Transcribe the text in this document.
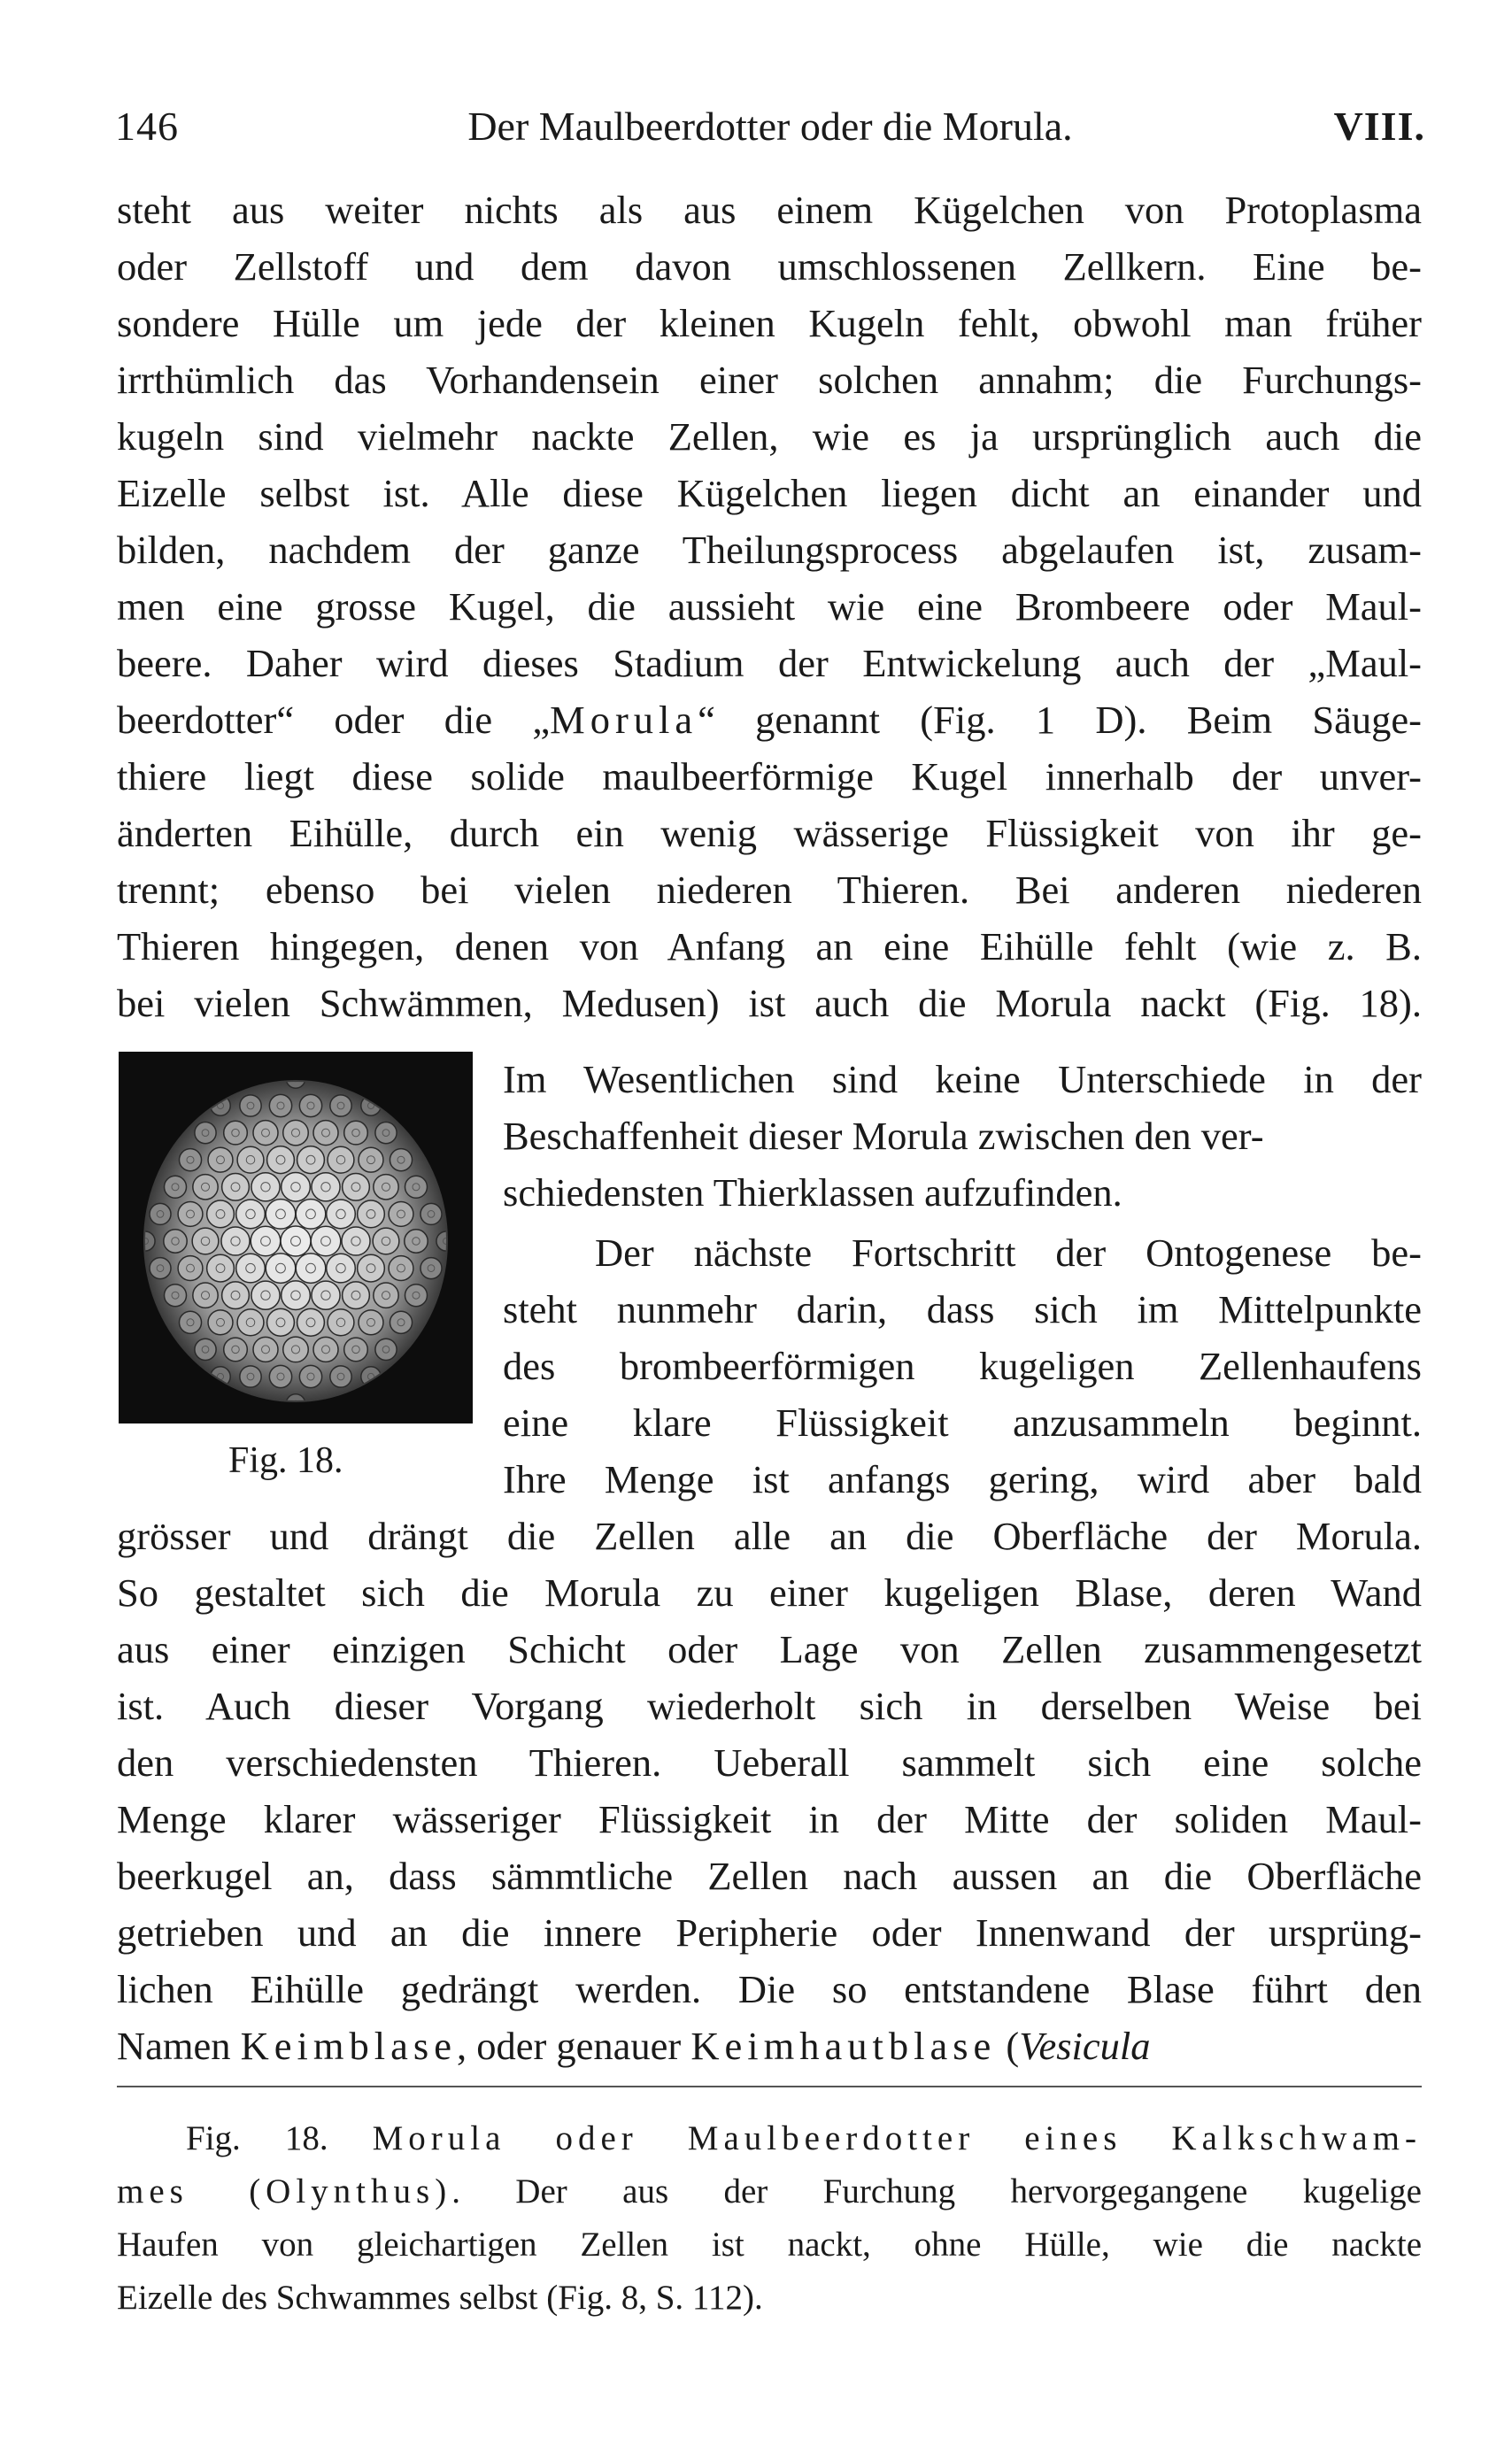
146	Der Maulbeerdotter oder die Morula.	VIII.
steht aus weiter nichts als aus einem Kügelchen von Protoplasma
oder Zellstoff und dem davon umschlossenen Zellkern. Eine be-
sondere Hülle um jede der kleinen Kugeln fehlt, obwohl man früher
irrthümlich das Vorhandensein einer solchen annahm; die Furchungs-
kugeln sind vielmehr nackte Zellen, wie es ja ursprünglich auch die
Eizelle selbst ist. Alle diese Kügelchen liegen dicht an einander und
bilden, nachdem der ganze Theilungsprocess abgelaufen ist, zusam-
men eine grosse Kugel, die aussieht wie eine Brombeere oder Maul-
beere. Daher wird dieses Stadium der Entwickelung auch der „Maul-
beerdotter“ oder die „Morula“ genannt (Fig. 1 D). Beim Säuge-
thiere liegt diese solide maulbeerförmige Kugel innerhalb der unver-
änderten Eihülle, durch ein wenig wässerige Flüssigkeit von ihr ge-
trennt; ebenso bei vielen niederen Thieren. Bei anderen niederen
Thieren hingegen, denen von Anfang an eine Eihülle fehlt (wie z. B.
bei vielen Schwämmen, Medusen) ist auch die Morula nackt (Fig. 18).
Fig. 18.
Im Wesentlichen sind keine Unterschiede in der
Beschaffenheit dieser Morula zwischen den ver-
schiedensten Thierklassen aufzufinden.
Der nächste Fortschritt der Ontogenese be-
steht nunmehr darin, dass sich im Mittelpunkte
des brombeerförmigen kugeligen Zellenhaufens
eine klare Flüssigkeit anzusammeln beginnt.
Ihre Menge ist anfangs gering, wird aber bald
grösser und drängt die Zellen alle an die Oberfläche der Morula.
So gestaltet sich die Morula zu einer kugeligen Blase, deren Wand
aus einer einzigen Schicht oder Lage von Zellen zusammengesetzt
ist. Auch dieser Vorgang wiederholt sich in derselben Weise bei
den verschiedensten Thieren. Ueberall sammelt sich eine solche
Menge klarer wässeriger Flüssigkeit in der Mitte der soliden Maul-
beerkugel an, dass sämmtliche Zellen nach aussen an die Oberfläche
getrieben und an die innere Peripherie oder Innenwand der ursprüng-
lichen Eihülle gedrängt werden. Die so entstandene Blase führt den
Namen Keimblase, oder genauer Keimhautblase (Vesicula
Fig. 18. Morula oder Maulbeerdotter eines Kalkschwam-
mes (Olynthus). Der aus der Furchung hervorgegangene kugelige
Haufen von gleichartigen Zellen ist nackt, ohne Hülle, wie die nackte
Eizelle des Schwammes selbst (Fig. 8, S. 112).
